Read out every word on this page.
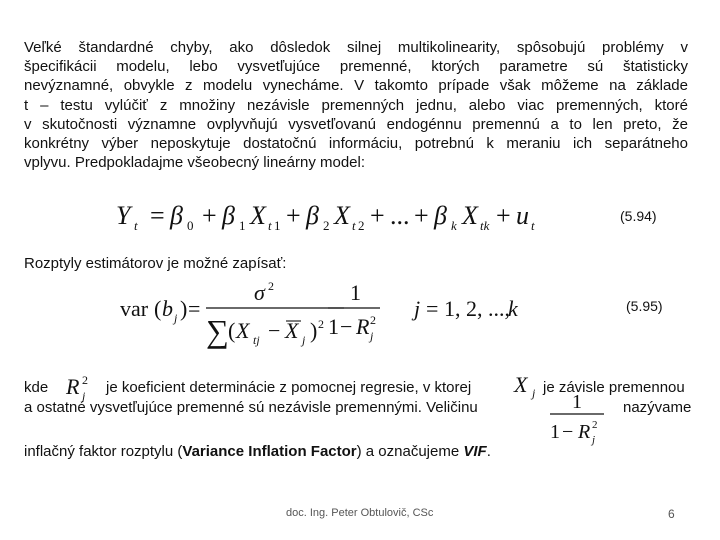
Veľké štandardné chyby, ako dôsledok silnej multikolinearity, spôsobujú problémy v
špecifikácii modelu, lebo vysvetľujúce premenné, ktorých parametre sú štatisticky
nevýznamné, obvykle z modelu vynecháme. V takomto prípade však môžeme na základe
t – testu vylúčiť z množiny nezávisle premenných jednu, alebo viac premenných, ktoré
v skutočnosti významne ovplyvňujú vysvetľovanú endogénnu premennú a to len preto, že
konkrétny výber neposkytuje dostatočnú informáciu, potrebnú k meraniu ich separátneho
vplyvu. Predpokladajme všeobecný lineárny model:
Y t = β 0 + β 1 X t 1 + β 2 X t 2 + ... + β k X tk + u t
(5.94)
Rozptyly estimátorov je možné zapísať:
var ( b j ) =
σ 2
∑ ( X tj − X j ) 2
1
1 − R 2
j
j = 1, 2, ...,
k	(5.95)
kde R 2
j je koeficient determinácie z pomocnej regresie, v ktorej X j je závisle premennou
a ostatné vysvetľujúce premenné sú nezávisle premennými. Veličinu	1
1 − R 2
j
nazývame
inflačný faktor rozptylu (Variance Inflation Factor) a označujeme VIF.
doc. Ing. Peter Obtulovič, CSc	6
